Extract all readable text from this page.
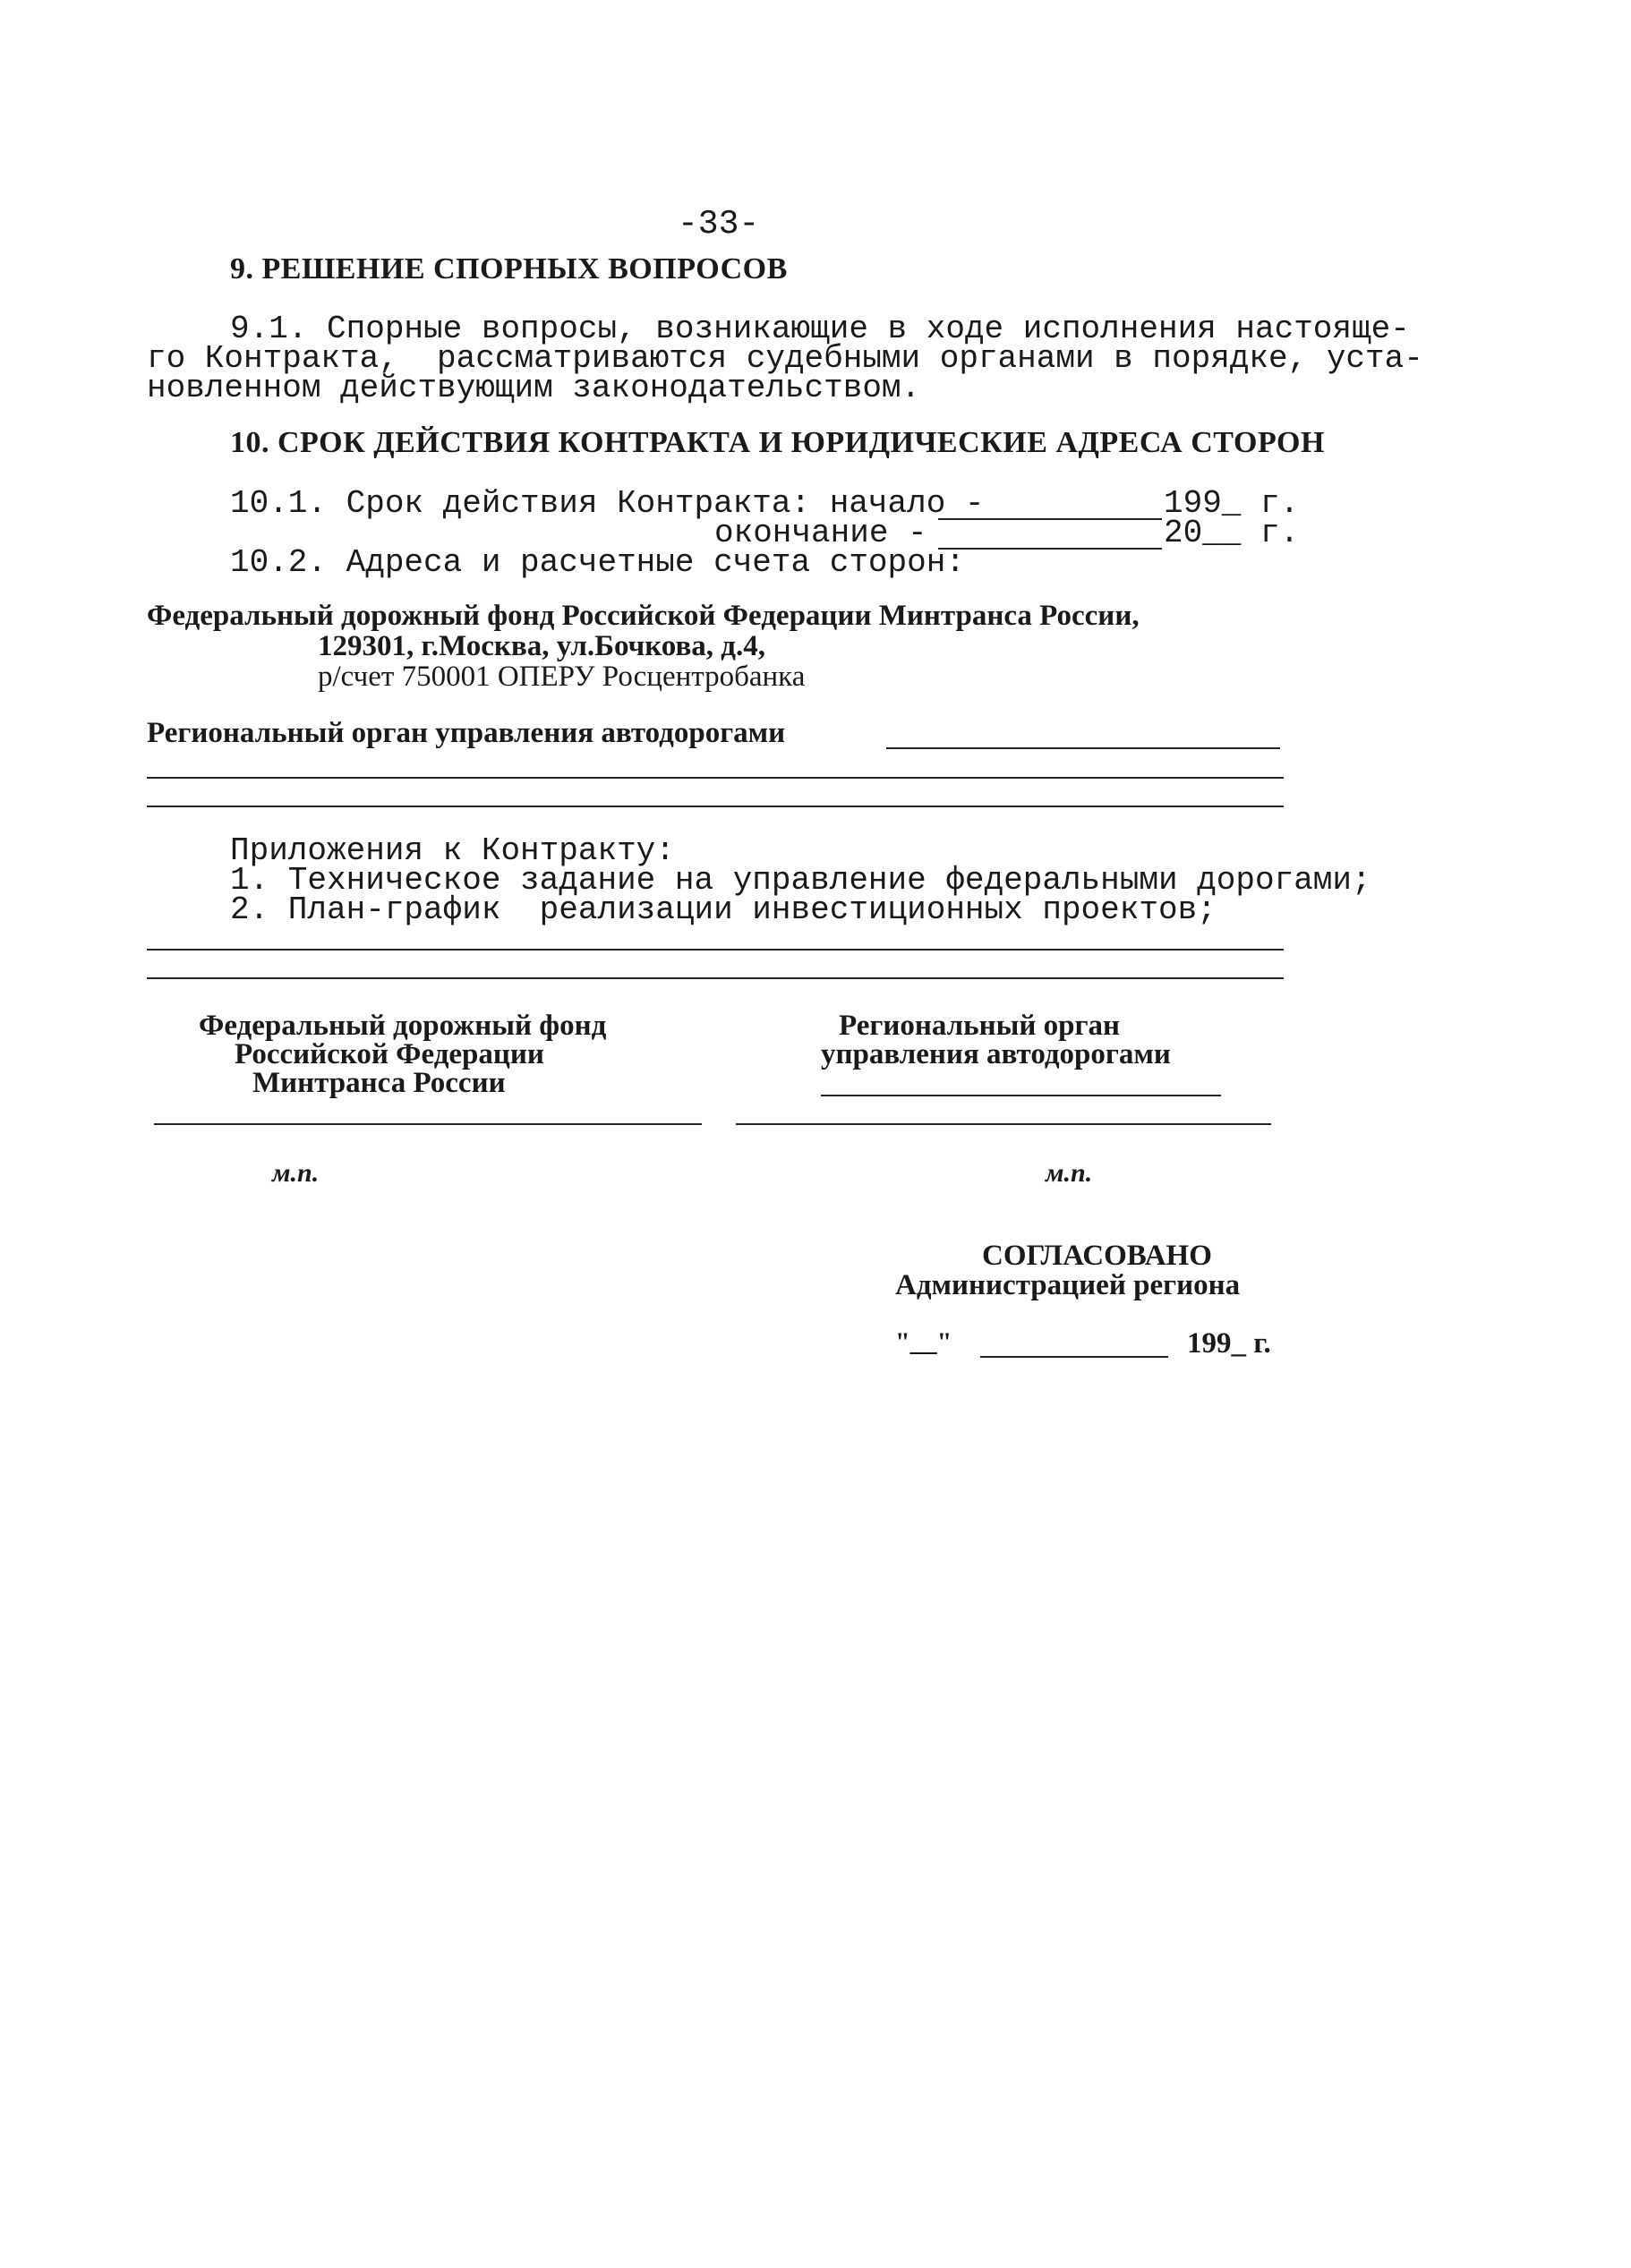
-33-
9. РЕШЕНИЕ СПОРНЫХ ВОПРОСОВ
9.1. Спорные вопросы, возникающие в ходе исполнения настояще-
го Контракта,  рассматриваются судебными органами в порядке, уста-
новленном действующим законодательством.
10. СРОК ДЕЙСТВИЯ КОНТРАКТА И ЮРИДИЧЕСКИЕ АДРЕСА СТОРОН
10.1. Срок действия Контракта: начало -	199_ г.
окончание -	20__ г.
10.2. Адреса и расчетные счета сторон:
Федеральный дорожный фонд Российской Федерации Минтранса России,
129301, г.Москва, ул.Бочкова, д.4,
р/счет 750001 ОПЕРУ Росцентробанка
Региональный орган управления автодорогами
Приложения к Контракту:
1. Техническое задание на управление федеральными дорогами;
2. План-график  реализации инвестиционных проектов;
Федеральный дорожный фонд
Российской Федерации
Минтранса России
Региональный орган
управления автодорогами
м.п.	м.п.
СОГЛАСОВАНО
Администрацией региона
"__"	199_ г.
